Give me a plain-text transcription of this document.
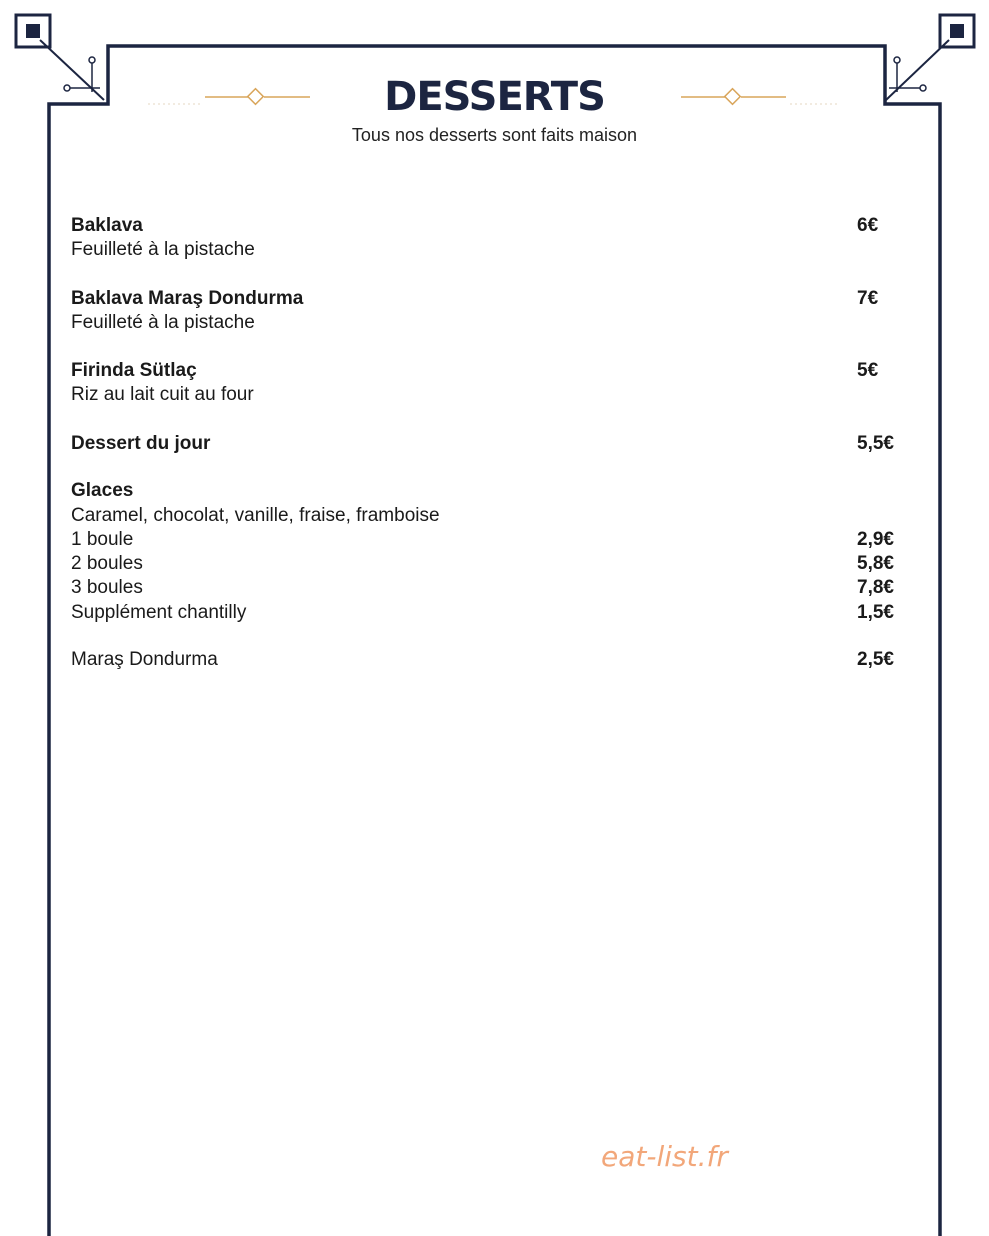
DESSERTS
Tous nos desserts sont faits maison
Baklava	6€
Feuilleté à la pistache
Baklava Maraş Dondurma	7€
Feuilleté à la pistache
Firinda Sütlaç	5€
Riz au lait cuit au four
Dessert du jour	5,5€
Glaces
Caramel, chocolat, vanille, fraise, framboise
1 boule	2,9€
2 boules	5,8€
3 boules	7,8€
Supplément chantilly	1,5€
Maraş Dondurma	2,5€
eat-list.fr
